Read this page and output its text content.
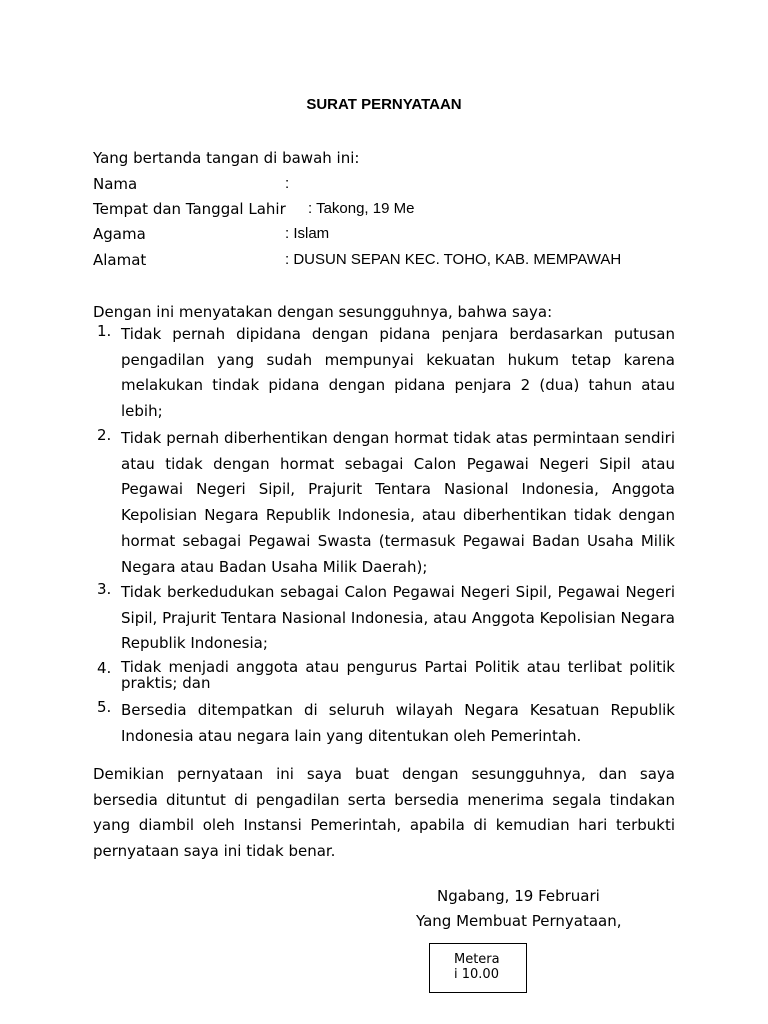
SURAT PERNYATAAN
Yang bertanda tangan di bawah ini:
Nama	:
Tempat dan Tanggal Lahir : Takong, 19 Me
Agama	: Islam
Alamat	: DUSUN SEPAN KEC. TOHO, KAB. MEMPAWAH
Dengan ini menyatakan dengan sesungguhnya, bahwa saya:
1. Tidak pernah dipidana dengan pidana penjara berdasarkan putusan pengadilan yang sudah mempunyai kekuatan hukum tetap karena melakukan tindak pidana dengan pidana penjara 2 (dua) tahun atau lebih;
2. Tidak pernah diberhentikan dengan hormat tidak atas permintaan sendiri atau tidak dengan hormat sebagai Calon Pegawai Negeri Sipil atau Pegawai Negeri Sipil, Prajurit Tentara Nasional Indonesia, Anggota Kepolisian Negara Republik Indonesia, atau diberhentikan tidak dengan hormat sebagai Pegawai Swasta (termasuk Pegawai Badan Usaha Milik Negara atau Badan Usaha Milik Daerah);
3. Tidak berkedudukan sebagai Calon Pegawai Negeri Sipil, Pegawai Negeri Sipil, Prajurit Tentara Nasional Indonesia, atau Anggota Kepolisian Negara Republik Indonesia;
4. Tidak menjadi anggota atau pengurus Partai Politik atau terlibat politik praktis; dan
5. Bersedia ditempatkan di seluruh wilayah Negara Kesatuan Republik Indonesia atau negara lain yang ditentukan oleh Pemerintah.
Demikian pernyataan ini saya buat dengan sesungguhnya, dan saya bersedia dituntut di pengadilan serta bersedia menerima segala tindakan yang diambil oleh Instansi Pemerintah, apabila di kemudian hari terbukti pernyataan saya ini tidak benar.
Ngabang, 19 Februari
Yang Membuat Pernyataan,
Meterai 10.00
